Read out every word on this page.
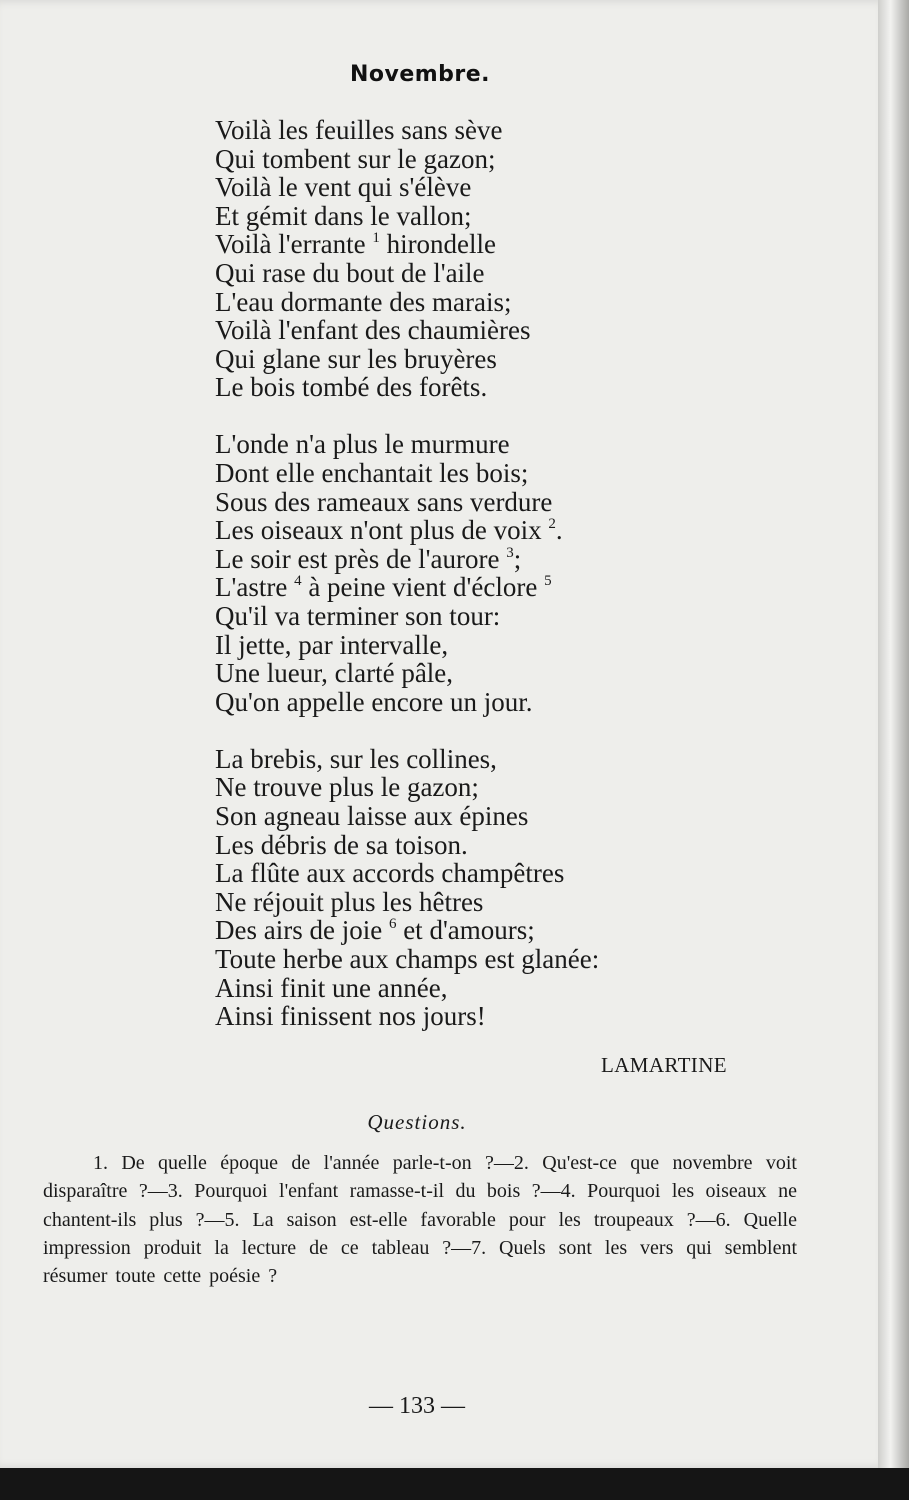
Novembre.
Voilà les feuilles sans sève
Qui tombent sur le gazon;
Voilà le vent qui s'élève
Et gémit dans le vallon;
Voilà l'errante $^1$ hirondelle
Qui rase du bout de l'aile
L'eau dormante des marais;
Voilà l'enfant des chaumières
Qui glane sur les bruyères
Le bois tombé des forêts.
L'onde n'a plus le murmure
Dont elle enchantait les bois;
Sous des rameaux sans verdure
Les oiseaux n'ont plus de voix $^2$.
Le soir est près de l'aurore $^3$;
L'astre $^4$ à peine vient d'éclore $^5$
Qu'il va terminer son tour:
Il jette, par intervalle,
Une lueur, clarté pâle,
Qu'on appelle encore un jour.
La brebis, sur les collines,
Ne trouve plus le gazon;
Son agneau laisse aux épines
Les débris de sa toison.
La flûte aux accords champêtres
Ne réjouit plus les hêtres
Des airs de joie $^6$ et d'amours;
Toute herbe aux champs est glanée:
Ainsi finit une année,
Ainsi finissent nos jours!
LAMARTINE
Questions.

1. De quelle époque de l'année parle-t-on ?—2. Qu'est-ce que novembre voit disparaître ?—3. Pourquoi l'enfant ramasse-t-il du bois ?—4. Pourquoi les oiseaux ne chantent-ils plus ?—5. La saison est-elle favorable pour les troupeaux ?—6. Quelle impression produit la lecture de ce tableau ?—7. Quels sont les vers qui semblent résumer toute cette poésie ?

— 133 —
